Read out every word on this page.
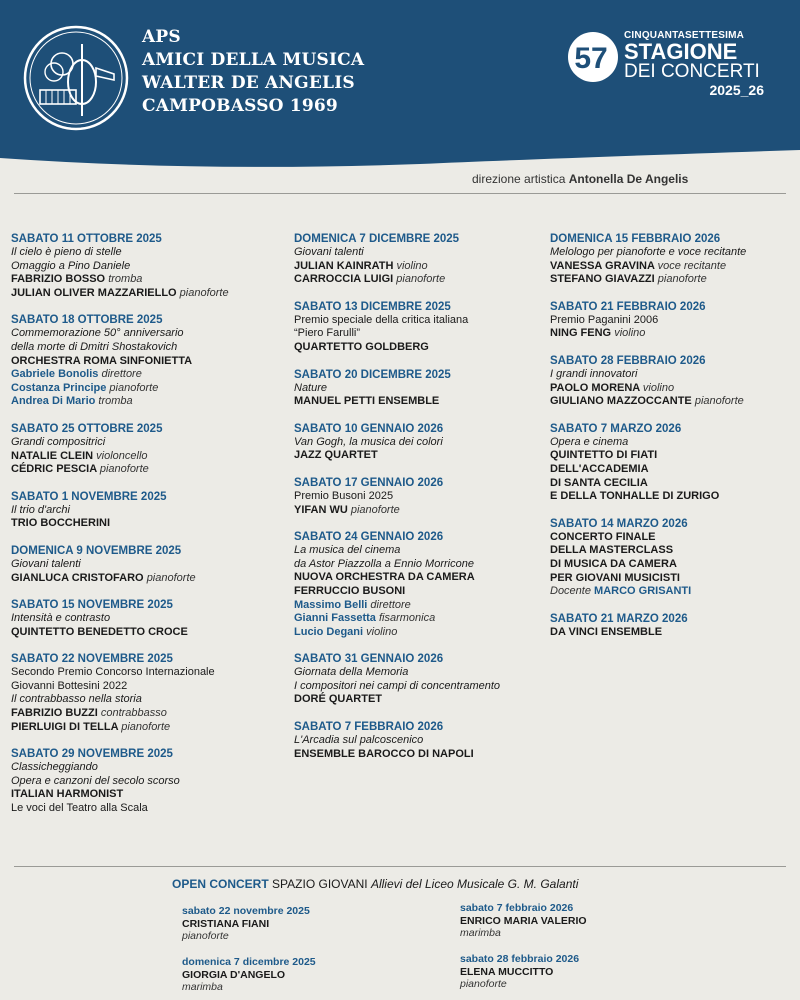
APS
AMICI DELLA MUSICA
WALTER DE ANGELIS
CAMPOBASSO 1969
57
CINQUANTASETTESIMA
STAGIONE
DEI CONCERTI
2025_26
direzione artistica Antonella De Angelis
SABATO 11 OTTOBRE 2025
Il cielo è pieno di stelle
Omaggio a Pino Daniele
FABRIZIO BOSSO tromba
JULIAN OLIVER MAZZARIELLO pianoforte
SABATO 18 OTTOBRE 2025
Commemorazione 50° anniversario
della morte di Dmitri Shostakovich
ORCHESTRA ROMA SINFONIETTA
Gabriele Bonolis direttore
Costanza Principe pianoforte
Andrea Di Mario tromba
SABATO 25 OTTOBRE 2025
Grandi compositrici
NATALIE CLEIN violoncello
CÉDRIC PESCIA pianoforte
SABATO 1 NOVEMBRE 2025
Il trio d'archi
TRIO BOCCHERINI
DOMENICA 9 NOVEMBRE 2025
Giovani talenti
GIANLUCA CRISTOFARO pianoforte
SABATO 15 NOVEMBRE 2025
Intensità e contrasto
QUINTETTO BENEDETTO CROCE
SABATO 22 NOVEMBRE 2025
Secondo Premio Concorso Internazionale
Giovanni Bottesini 2022
Il contrabbasso nella storia
FABRIZIO BUZZI contrabbasso
PIERLUIGI DI TELLA pianoforte
SABATO 29 NOVEMBRE 2025
Classicheggiando
Opera e canzoni del secolo scorso
ITALIAN HARMONIST
Le voci del Teatro alla Scala
DOMENICA 7 DICEMBRE 2025
Giovani talenti
JULIAN KAINRATH violino
CARROCCIA LUIGI pianoforte
SABATO 13 DICEMBRE 2025
Premio speciale della critica italiana
“Piero Farulli”
QUARTETTO GOLDBERG
SABATO 20 DICEMBRE 2025
Nature
MANUEL PETTI ENSEMBLE
SABATO 10 GENNAIO 2026
Van Gogh, la musica dei colori
JAZZ QUARTET
SABATO 17 GENNAIO 2026
Premio Busoni 2025
YIFAN WU pianoforte
SABATO 24 GENNAIO 2026
La musica del cinema
da Astor Piazzolla a Ennio Morricone
NUOVA ORCHESTRA DA CAMERA
FERRUCCIO BUSONI
Massimo Belli direttore
Gianni Fassetta fisarmonica
Lucio Degani violino
SABATO 31 GENNAIO 2026
Giornata della Memoria
I compositori nei campi di concentramento
DORÉ QUARTET
SABATO 7 FEBBRAIO 2026
L'Arcadia sul palcoscenico
ENSEMBLE BAROCCO DI NAPOLI
DOMENICA 15 FEBBRAIO 2026
Melologo per pianoforte e voce recitante
VANESSA GRAVINA voce recitante
STEFANO GIAVAZZI pianoforte
SABATO 21 FEBBRAIO 2026
Premio Paganini 2006
NING FENG violino
SABATO 28 FEBBRAIO 2026
I grandi innovatori
PAOLO MORENA violino
GIULIANO MAZZOCCANTE pianoforte
SABATO 7 MARZO 2026
Opera e cinema
QUINTETTO DI FIATI
DELL'ACCADEMIA
DI SANTA CECILIA
E DELLA TONHALLE DI ZURIGO
SABATO 14 MARZO 2026
CONCERTO FINALE
DELLA MASTERCLASS
DI MUSICA DA CAMERA
PER GIOVANI MUSICISTI
Docente MARCO GRISANTI
SABATO 21 MARZO 2026
DA VINCI ENSEMBLE
OPEN CONCERT SPAZIO GIOVANI Allievi del Liceo Musicale G. M. Galanti
sabato 22 novembre 2025
CRISTIANA FIANI
pianoforte
sabato 7 febbraio 2026
ENRICO MARIA VALERIO
marimba
domenica 7 dicembre 2025
GIORGIA D'ANGELO
marimba
sabato 28 febbraio 2026
ELENA MUCCITTO
pianoforte
